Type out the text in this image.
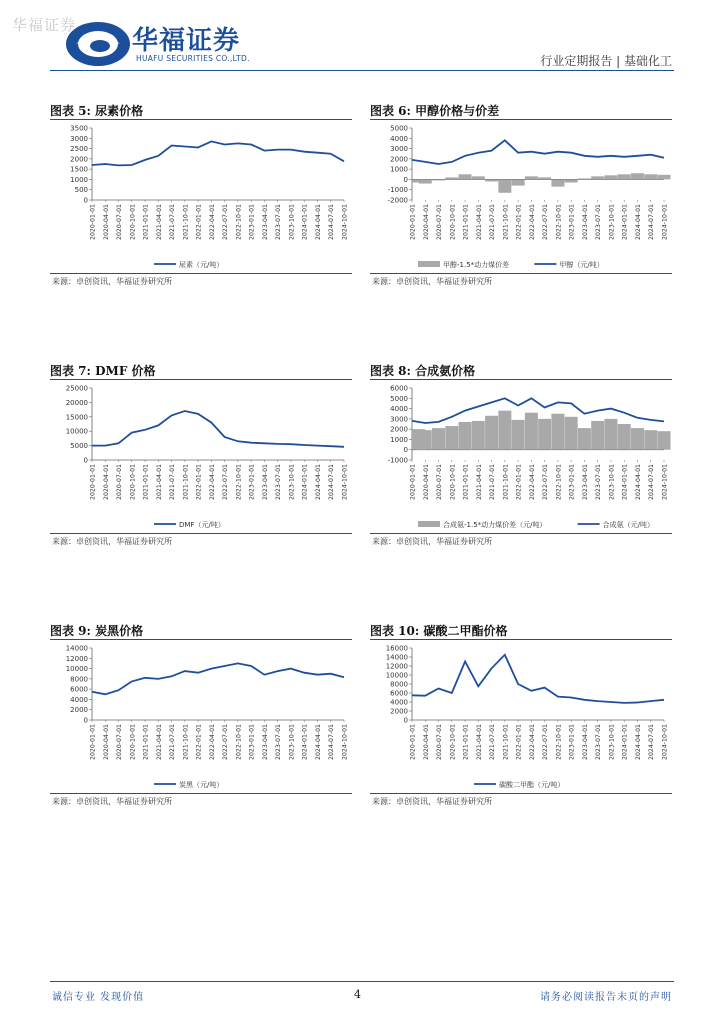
华福证券
华福证券
HUAFU SECURITIES CO.,LTD.	行业定期报告 | 基础化工
图表 5: 尿素价格
0
500
1000
1500
2000
2500
3000
3500
2020-01-01 2020-04-01 2020-07-01 2020-10-01 2021-01-01 2021-04-01 2021-07-01 2021-10-01 2022-01-01 2022-04-01 2022-07-01 2022-10-01 2023-01-01 2023-04-01 2023-07-01 2023-10-01 2024-01-01 2024-04-01 2024-07-01 2024-10-01
尿素（元/吨）
来源：卓创资讯，华福证券研究所
图表 6: 甲醇价格与价差
-2000
-1000
0
1000
2000
3000
4000
5000
2020-01-01 2020-04-01 2020-07-01 2020-10-01 2021-01-01 2021-04-01 2021-07-01 2021-10-01 2022-01-01 2022-04-01 2022-07-01 2022-10-01 2023-01-01 2023-04-01 2023-07-01 2023-10-01 2024-01-01 2024-04-01 2024-07-01 2024-10-01
甲醇-1.5*动力煤价差	甲醇（元/吨）
来源：卓创资讯，华福证券研究所
图表 7: DMF 价格
0
5000
10000
15000
20000
25000
2020-01-01 2020-04-01 2020-07-01 2020-10-01 2021-01-01 2021-04-01 2021-07-01 2021-10-01 2022-01-01 2022-04-01 2022-07-01 2022-10-01 2023-01-01 2023-04-01 2023-07-01 2023-10-01 2024-01-01 2024-04-01 2024-07-01 2024-10-01
DMF（元/吨）
来源：卓创资讯，华福证券研究所
图表 8: 合成氨价格
-1000
0
1000
2000
3000
4000
5000
6000
2020-01-01 2020-04-01 2020-07-01 2020-10-01 2021-01-01 2021-04-01 2021-07-01 2021-10-01 2022-01-01 2022-04-01 2022-07-01 2022-10-01 2023-01-01 2023-04-01 2023-07-01 2023-10-01 2024-01-01 2024-04-01 2024-07-01 2024-10-01
合成氨-1.5*动力煤价差（元/吨）	合成氨（元/吨）
来源：卓创资讯，华福证券研究所
图表 9: 炭黑价格
0
2000
4000
6000
8000
10000
12000
14000
2020-01-01 2020-04-01 2020-07-01 2020-10-01 2021-01-01 2021-04-01 2021-07-01 2021-10-01 2022-01-01 2022-04-01 2022-07-01 2022-10-01 2023-01-01 2023-04-01 2023-07-01 2023-10-01 2024-01-01 2024-04-01 2024-07-01 2024-10-01
炭黑（元/吨）
来源：卓创资讯，华福证券研究所
图表 10: 碳酸二甲酯价格
0
2000
4000
6000
8000
10000
12000
14000
16000
2020-01-01 2020-04-01 2020-07-01 2020-10-01 2021-01-01 2021-04-01 2021-07-01 2021-10-01 2022-01-01 2022-04-01 2022-07-01 2022-10-01 2023-01-01 2023-04-01 2023-07-01 2023-10-01 2024-01-01 2024-04-01 2024-07-01 2024-10-01
碳酸二甲酯（元/吨）
来源：卓创资讯，华福证券研究所
诚信专业 发现价值	4	请务必阅读报告末页的声明
